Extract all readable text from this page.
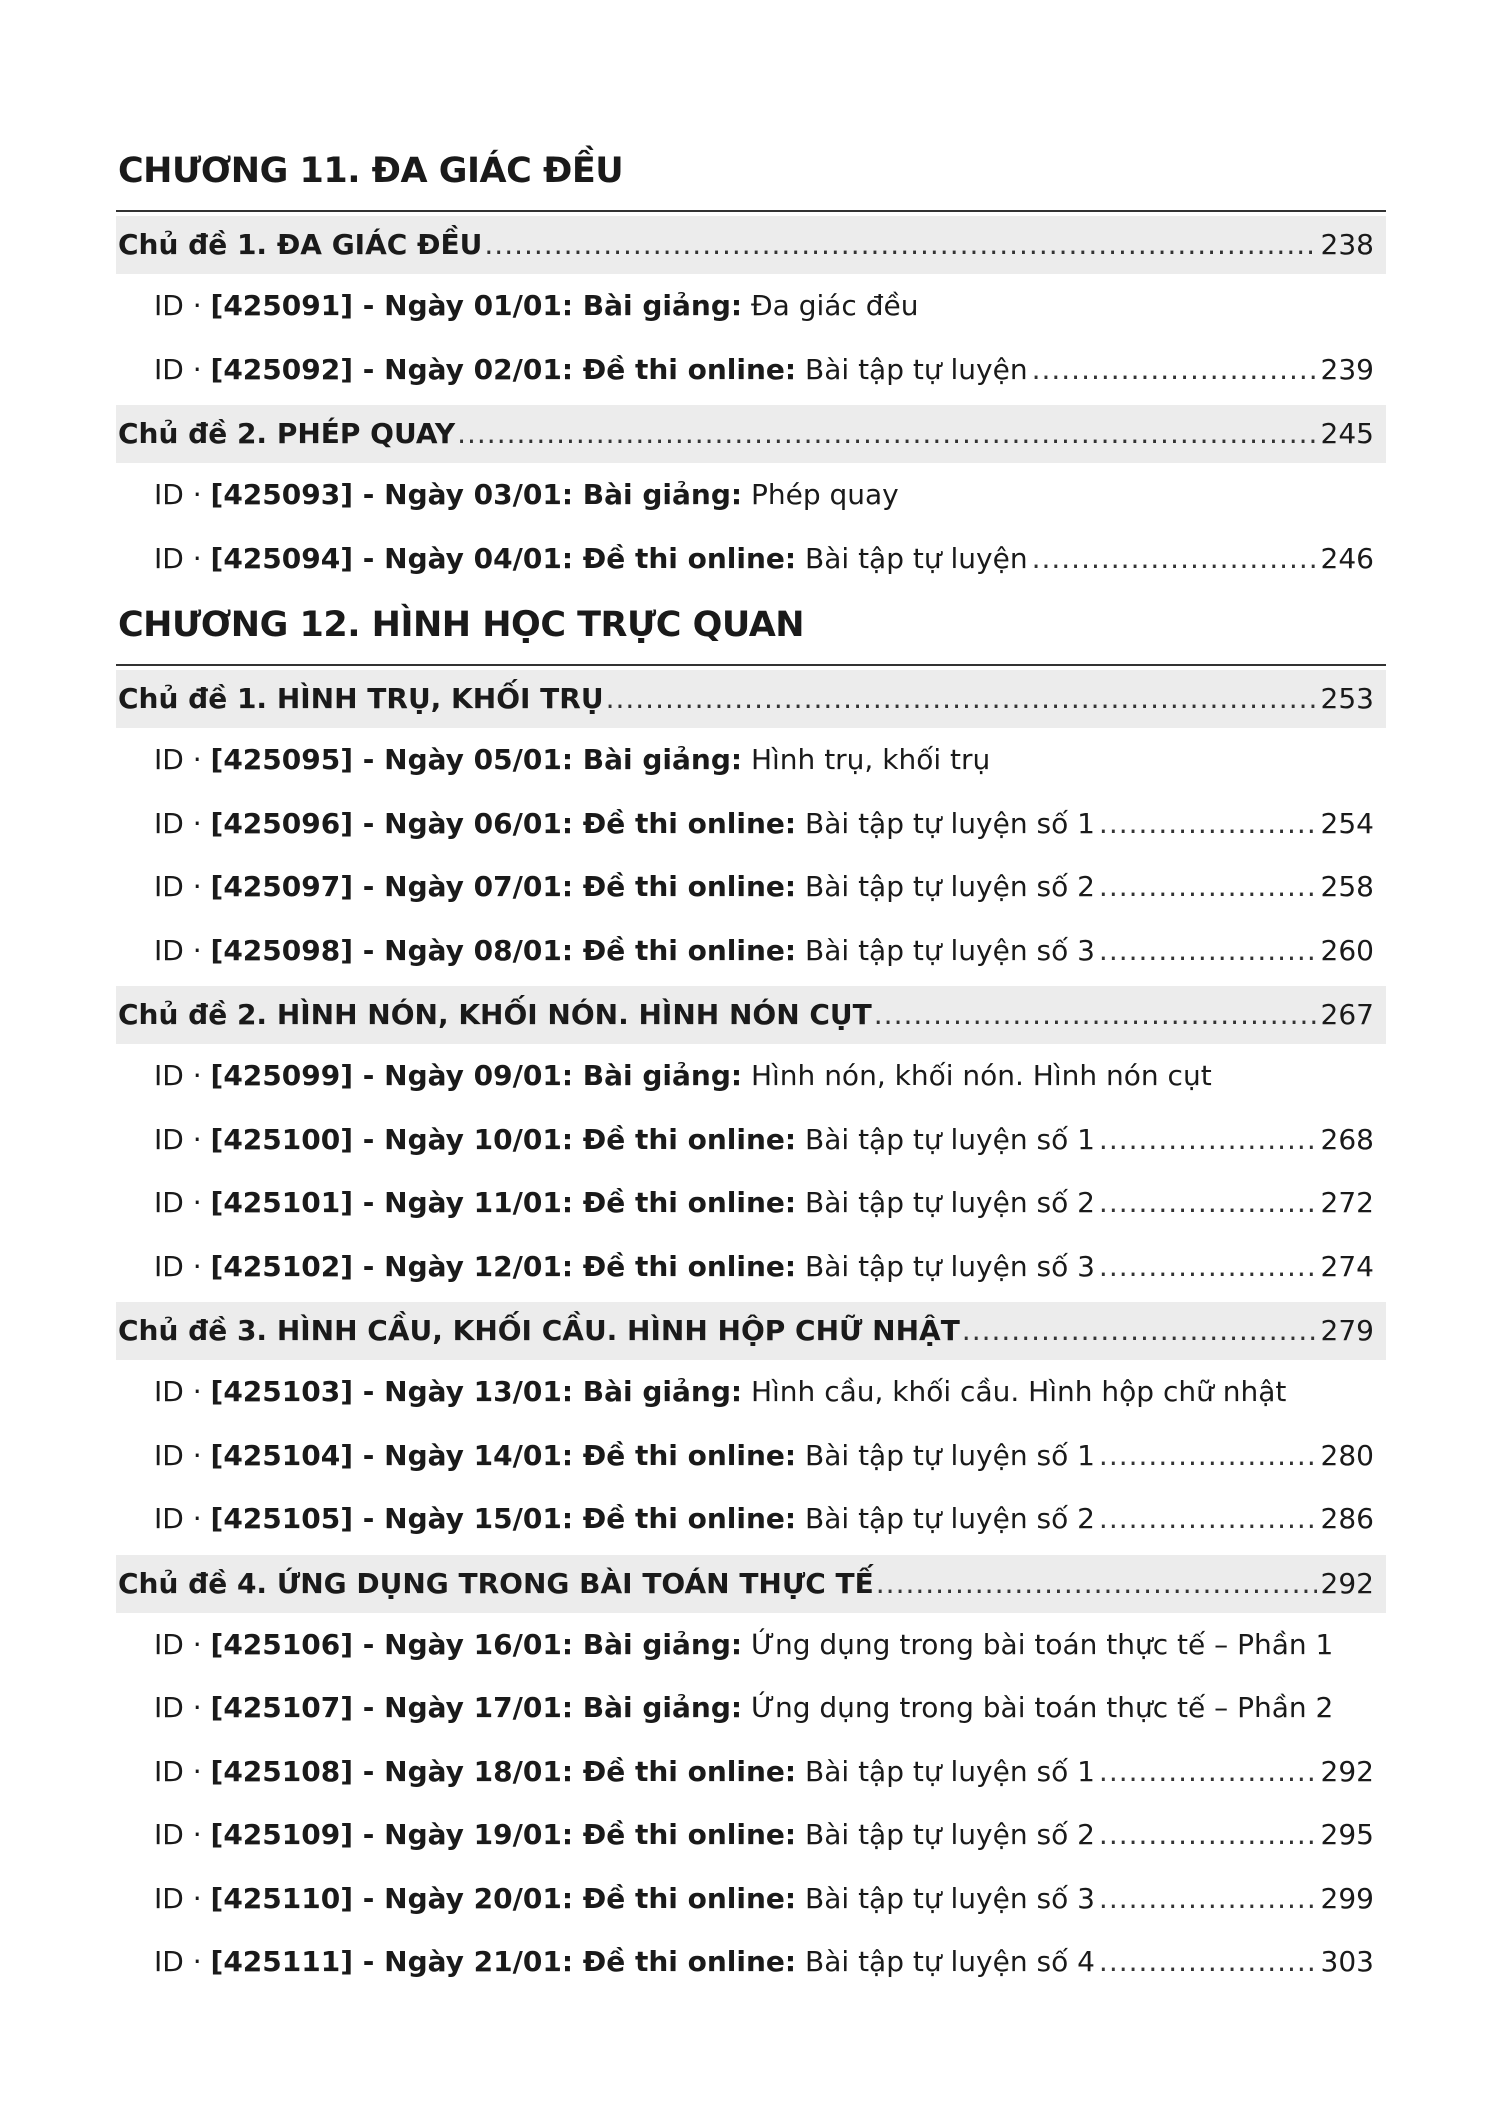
CHƯƠNG 11. ĐA GIÁC ĐỀU
Chủ đề 1. ĐA GIÁC ĐỀU .....	238
ID · [425091] - Ngày 01/01: Bài giảng: Đa giác đều
ID · [425092] - Ngày 02/01: Đề thi online: Bài tập tự luyện .....	239
Chủ đề 2. PHÉP QUAY .....	245
ID · [425093] - Ngày 03/01: Bài giảng: Phép quay
ID · [425094] - Ngày 04/01: Đề thi online: Bài tập tự luyện .....	246
CHƯƠNG 12. HÌNH HỌC TRỰC QUAN
Chủ đề 1. HÌNH TRỤ, KHỐI TRỤ .....	253
ID · [425095] - Ngày 05/01: Bài giảng: Hình trụ, khối trụ
ID · [425096] - Ngày 06/01: Đề thi online: Bài tập tự luyện số 1 .....	254
ID · [425097] - Ngày 07/01: Đề thi online: Bài tập tự luyện số 2 .....	258
ID · [425098] - Ngày 08/01: Đề thi online: Bài tập tự luyện số 3 .....	260
Chủ đề 2. HÌNH NÓN, KHỐI NÓN. HÌNH NÓN CỤT .....	267
ID · [425099] - Ngày 09/01: Bài giảng: Hình nón, khối nón. Hình nón cụt
ID · [425100] - Ngày 10/01: Đề thi online: Bài tập tự luyện số 1 .....	268
ID · [425101] - Ngày 11/01: Đề thi online: Bài tập tự luyện số 2 .....	272
ID · [425102] - Ngày 12/01: Đề thi online: Bài tập tự luyện số 3 .....	274
Chủ đề 3. HÌNH CẦU, KHỐI CẦU. HÌNH HỘP CHỮ NHẬT .....	279
ID · [425103] - Ngày 13/01: Bài giảng: Hình cầu, khối cầu. Hình hộp chữ nhật
ID · [425104] - Ngày 14/01: Đề thi online: Bài tập tự luyện số 1 .....	280
ID · [425105] - Ngày 15/01: Đề thi online: Bài tập tự luyện số 2 .....	286
Chủ đề 4. ỨNG DỤNG TRONG BÀI TOÁN THỰC TẾ .....	292
ID · [425106] - Ngày 16/01: Bài giảng: Ứng dụng trong bài toán thực tế – Phần 1
ID · [425107] - Ngày 17/01: Bài giảng: Ứng dụng trong bài toán thực tế – Phần 2
ID · [425108] - Ngày 18/01: Đề thi online: Bài tập tự luyện số 1 .....	292
ID · [425109] - Ngày 19/01: Đề thi online: Bài tập tự luyện số 2 .....	295
ID · [425110] - Ngày 20/01: Đề thi online: Bài tập tự luyện số 3 .....	299
ID · [425111] - Ngày 21/01: Đề thi online: Bài tập tự luyện số 4 .....	303
